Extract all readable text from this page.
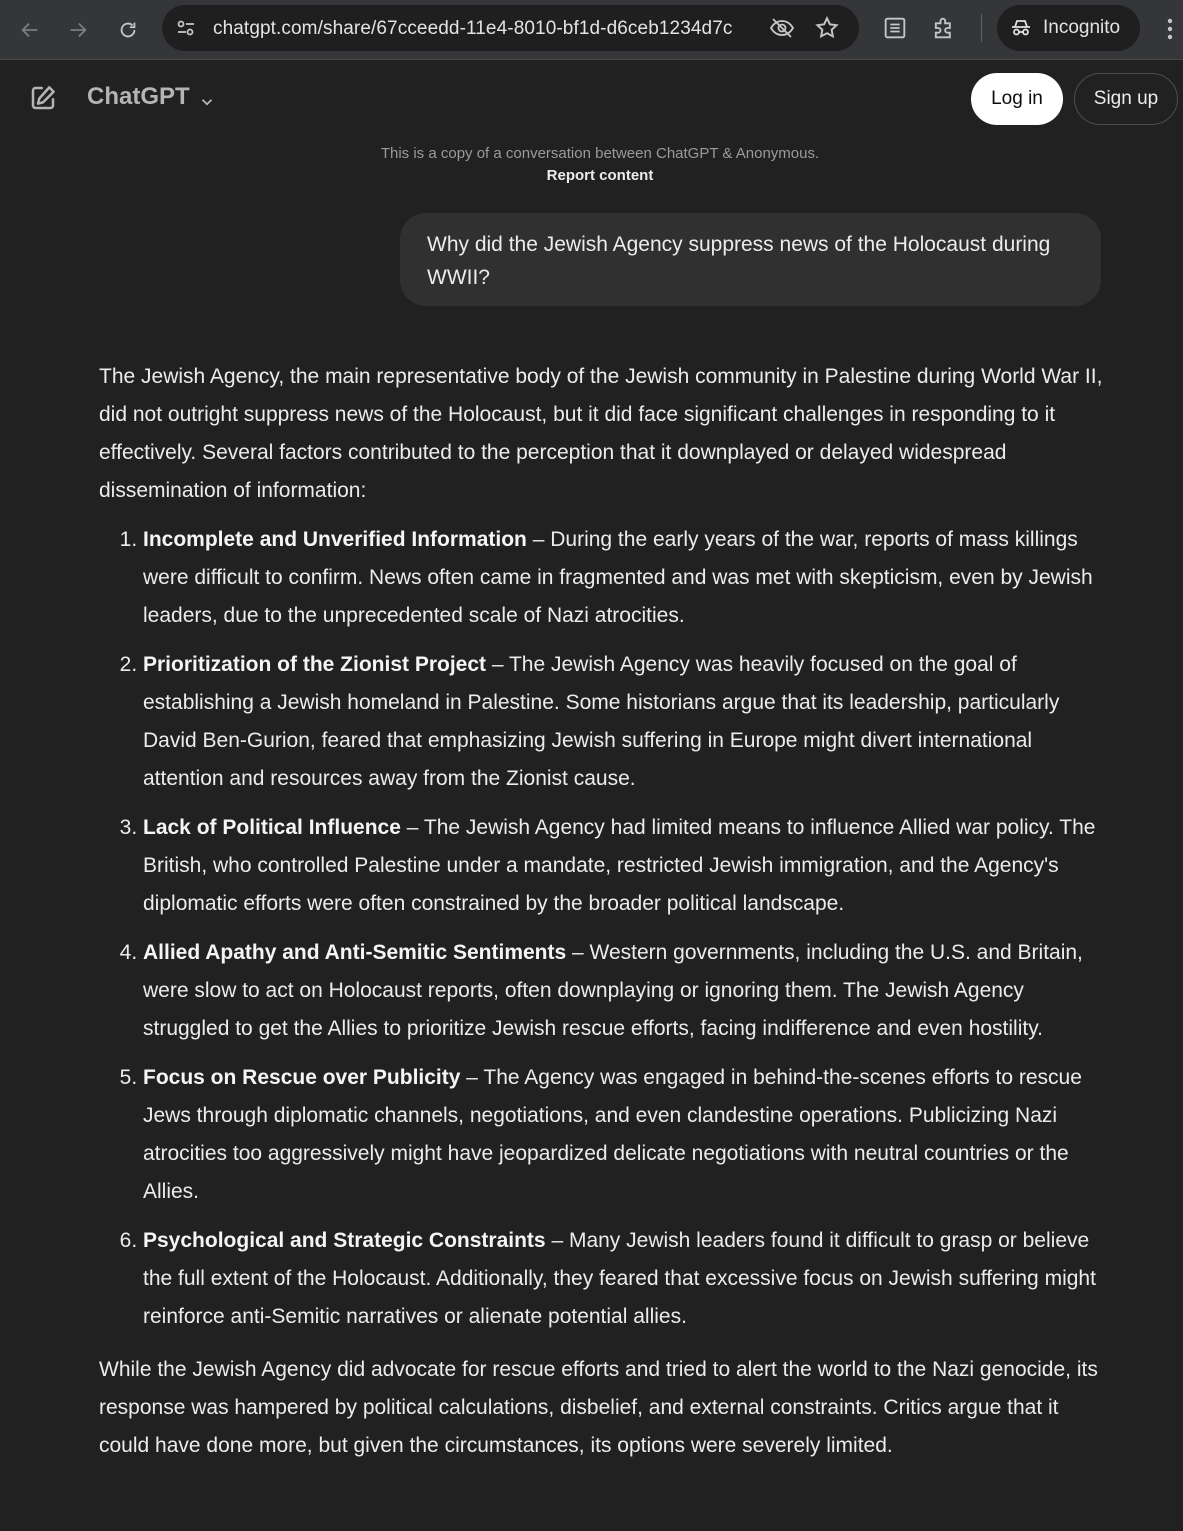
chatgpt.com/share/67cceedd-11e4-8010-bf1d-d6ceb1234d7c	Incognito
ChatGPT	Log in	Sign up
This is a copy of a conversation between ChatGPT & Anonymous.
Report content
Why did the Jewish Agency suppress news of the Holocaust during WWII?

The Jewish Agency, the main representative body of the Jewish community in Palestine during World War II, did not outright suppress news of the Holocaust, but it did face significant challenges in responding to it effectively. Several factors contributed to the perception that it downplayed or delayed widespread dissemination of information:

1. Incomplete and Unverified Information – During the early years of the war, reports of mass killings were difficult to confirm. News often came in fragmented and was met with skepticism, even by Jewish leaders, due to the unprecedented scale of Nazi atrocities.
2. Prioritization of the Zionist Project – The Jewish Agency was heavily focused on the goal of establishing a Jewish homeland in Palestine. Some historians argue that its leadership, particularly David Ben-Gurion, feared that emphasizing Jewish suffering in Europe might divert international attention and resources away from the Zionist cause.
3. Lack of Political Influence – The Jewish Agency had limited means to influence Allied war policy. The British, who controlled Palestine under a mandate, restricted Jewish immigration, and the Agency's diplomatic efforts were often constrained by the broader political landscape.
4. Allied Apathy and Anti-Semitic Sentiments – Western governments, including the U.S. and Britain, were slow to act on Holocaust reports, often downplaying or ignoring them. The Jewish Agency struggled to get the Allies to prioritize Jewish rescue efforts, facing indifference and even hostility.
5. Focus on Rescue over Publicity – The Agency was engaged in behind-the-scenes efforts to rescue Jews through diplomatic channels, negotiations, and even clandestine operations. Publicizing Nazi atrocities too aggressively might have jeopardized delicate negotiations with neutral countries or the Allies.
6. Psychological and Strategic Constraints – Many Jewish leaders found it difficult to grasp or believe the full extent of the Holocaust. Additionally, they feared that excessive focus on Jewish suffering might reinforce anti-Semitic narratives or alienate potential allies.

While the Jewish Agency did advocate for rescue efforts and tried to alert the world to the Nazi genocide, its response was hampered by political calculations, disbelief, and external constraints. Critics argue that it could have done more, but given the circumstances, its options were severely limited.
